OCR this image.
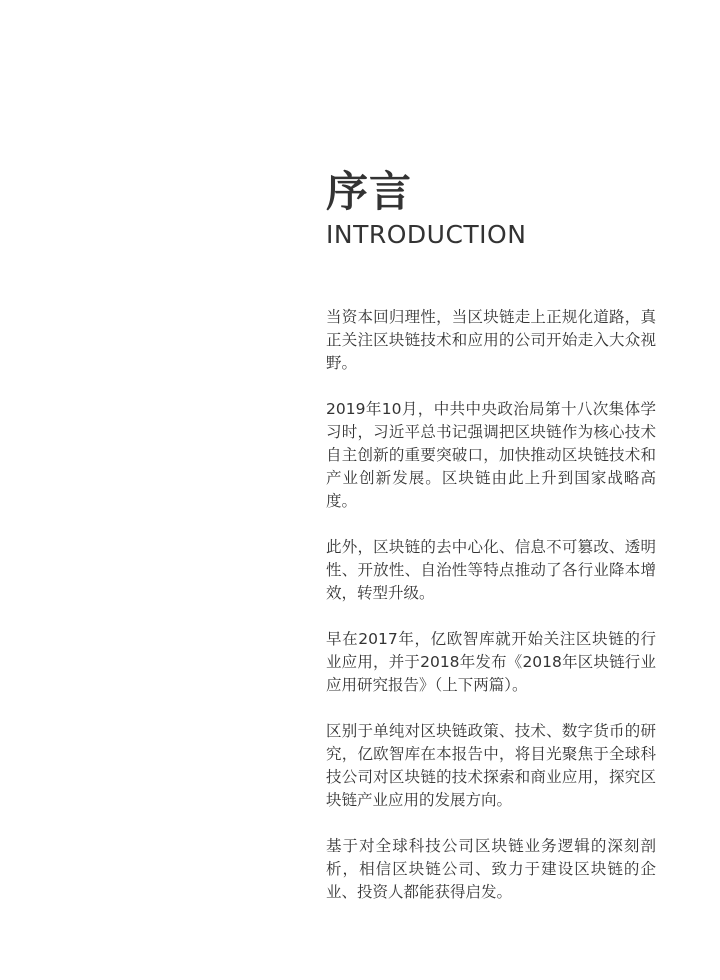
序言
INTRODUCTION

当资本回归理性，当区块链走上正规化道路，真正关注区块链技术和应用的公司开始走入大众视野。

2019年10月，中共中央政治局第十八次集体学习时，习近平总书记强调把区块链作为核心技术自主创新的重要突破口，加快推动区块链技术和产业创新发展。区块链由此上升到国家战略高度。

此外，区块链的去中心化、信息不可篡改、透明性、开放性、自治性等特点推动了各行业降本增效，转型升级。

早在2017年，亿欧智库就开始关注区块链的行业应用，并于2018年发布《2018年区块链行业应用研究报告》（上下两篇）。

区别于单纯对区块链政策、技术、数字货币的研究，亿欧智库在本报告中，将目光聚焦于全球科技公司对区块链的技术探索和商业应用，探究区块链产业应用的发展方向。

基于对全球科技公司区块链业务逻辑的深刻剖析，相信区块链公司、致力于建设区块链的企业、投资人都能获得启发。
